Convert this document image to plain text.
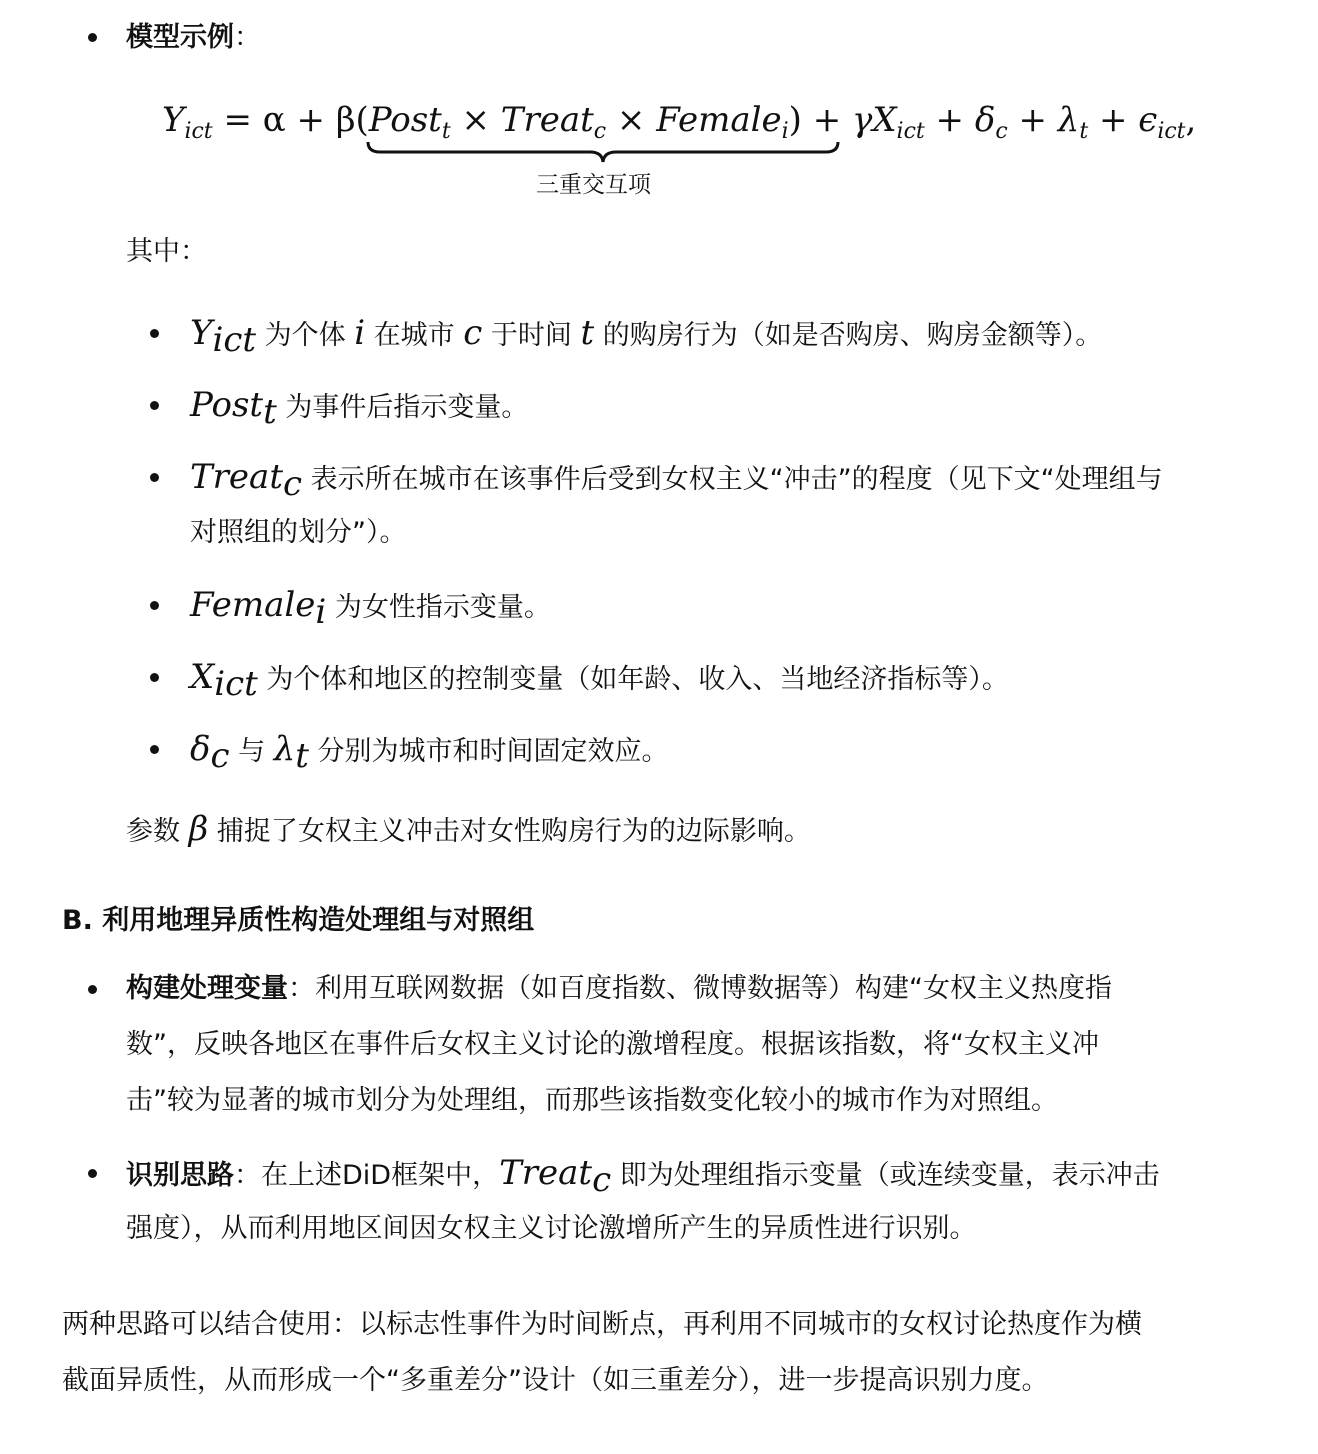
模型示例：
$Y_{ict} = \alpha$ + β(Post$_t$ × Treat$_c$ × Female$_i$) + $\gamma X_{ict} + \delta_c + \lambda_t + \epsilon_{ict}$,
三重交互项
其中：
$Y_{ict}$ 为个体 i 在城市 c 于时间 t 的购房行为（如是否购房、购房金额等）。
Post$_t$ 为事件后指示变量。
Treat$_c$ 表示所在城市在该事件后受到女权主义“冲击”的程度（见下文“处理组与
对照组的划分”）。
Female$_i$ 为女性指示变量。
$X_{ict}$ 为个体和地区的控制变量（如年龄、收入、当地经济指标等）。
$\delta_c$ 与 $\lambda_t$ 分别为城市和时间固定效应。
参数 β 捕捉了女权主义冲击对女性购房行为的边际影响。
B. 利用地理异质性构造处理组与对照组
构建处理变量：利用互联网数据（如百度指数、微博数据等）构建“女权主义热度指
数”，反映各地区在事件后女权主义讨论的激增程度。根据该指数，将“女权主义冲
击”较为显著的城市划分为处理组，而那些该指数变化较小的城市作为对照组。
识别思路：在上述DiD框架中，Treat$_c$ 即为处理组指示变量（或连续变量，表示冲击
强度），从而利用地区间因女权主义讨论激增所产生的异质性进行识别。
两种思路可以结合使用：以标志性事件为时间断点，再利用不同城市的女权讨论热度作为横
截面异质性，从而形成一个“多重差分”设计（如三重差分），进一步提高识别力度。
